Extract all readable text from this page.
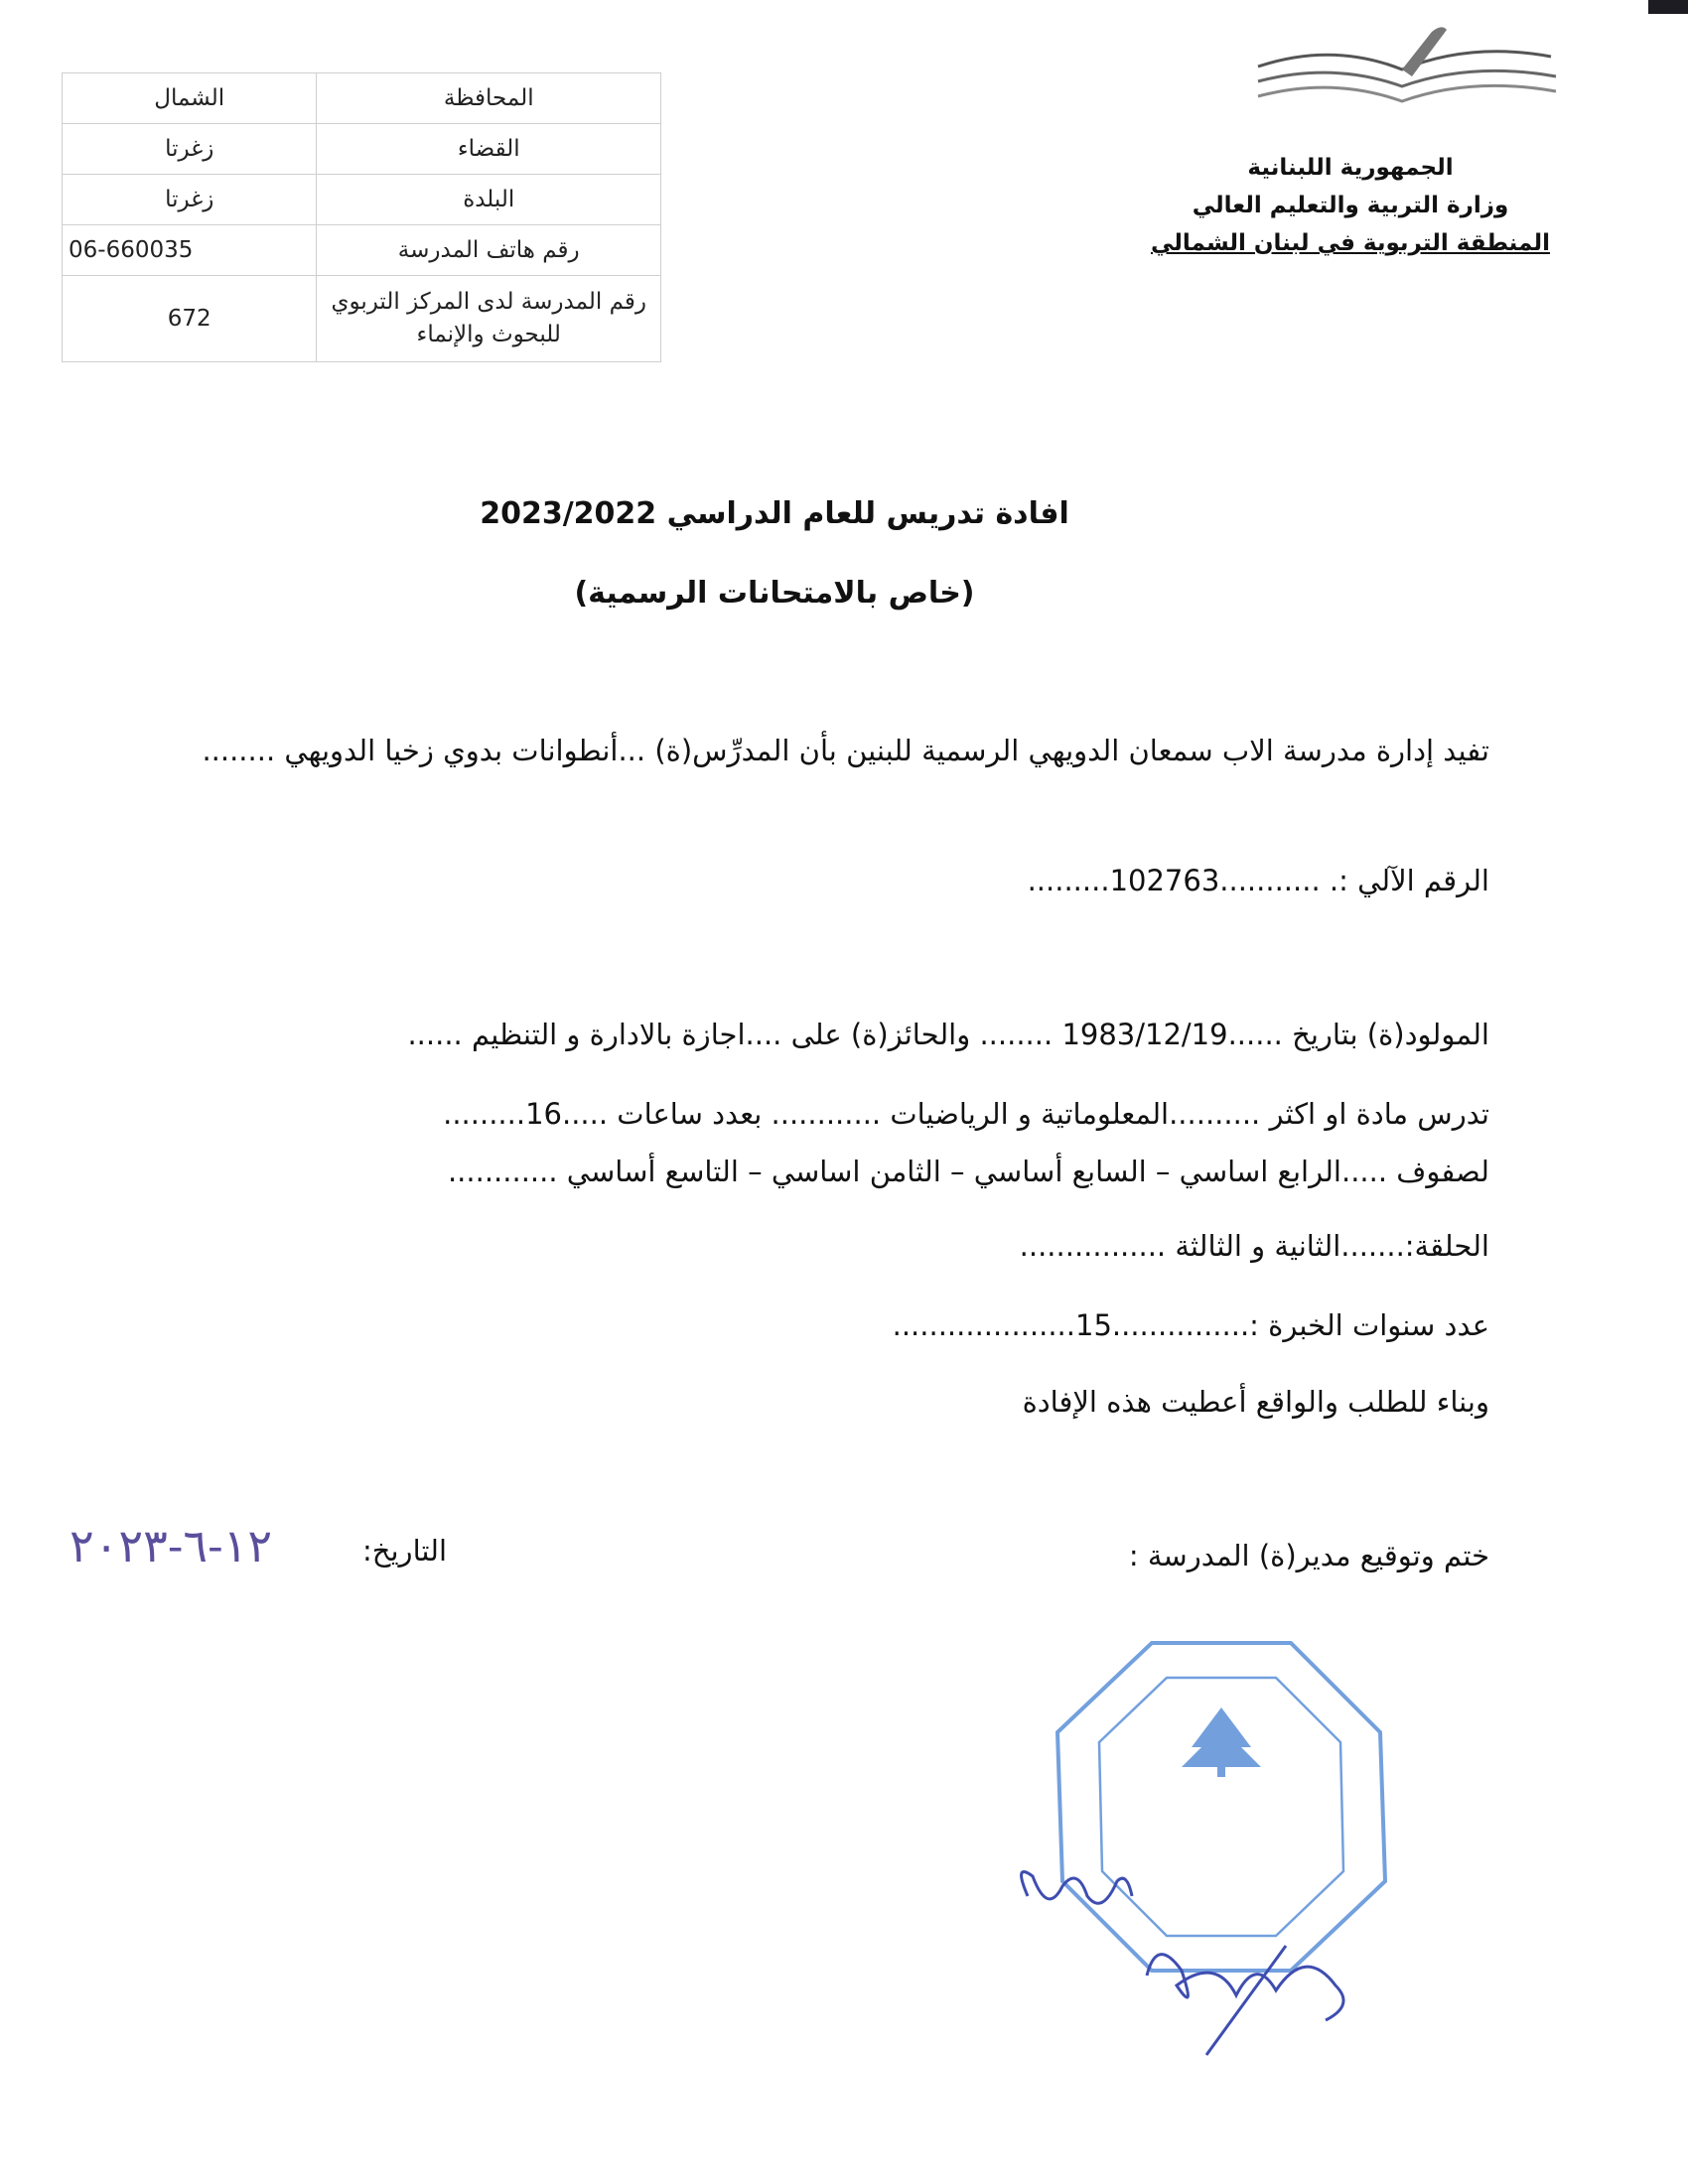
الجمهورية اللبنانية
وزارة التربية والتعليم العالي
المنطقة التربوية في لبنان الشمالي
المحافظة	الشمال
القضاء	زغرتا
البلدة	زغرتا
رقم هاتف المدرسة	06-660035
رقم المدرسة لدى المركز التربوي للبحوث والإنماء	672
افادة تدريس للعام الدراسي 2023/2022
(خاص بالامتحانات الرسمية)
تفيد إدارة مدرسة الاب سمعان الدويهي الرسمية للبنين بأن المدرِّس(ة) ...أنطوانات بدوي زخيا الدويهي ........
الرقم الآلي :. ...........102763.........
المولود(ة) بتاريخ ......1983/12/19 ........ والحائز(ة) على ....اجازة بالادارة و التنظيم ......
تدرس مادة او اكثر ..........المعلوماتية و الرياضيات ............ بعدد ساعات .....16.........
لصفوف .....الرابع اساسي – السابع أساسي – الثامن اساسي – التاسع أساسي ............
الحلقة:.......الثانية و الثالثة ................
عدد سنوات الخبرة :...............15....................
وبناء للطلب والواقع أعطيت هذه الإفادة
ختم وتوقيع مدير(ة) المدرسة :
التاريخ:
١٢-٦-٢٠٢٣
